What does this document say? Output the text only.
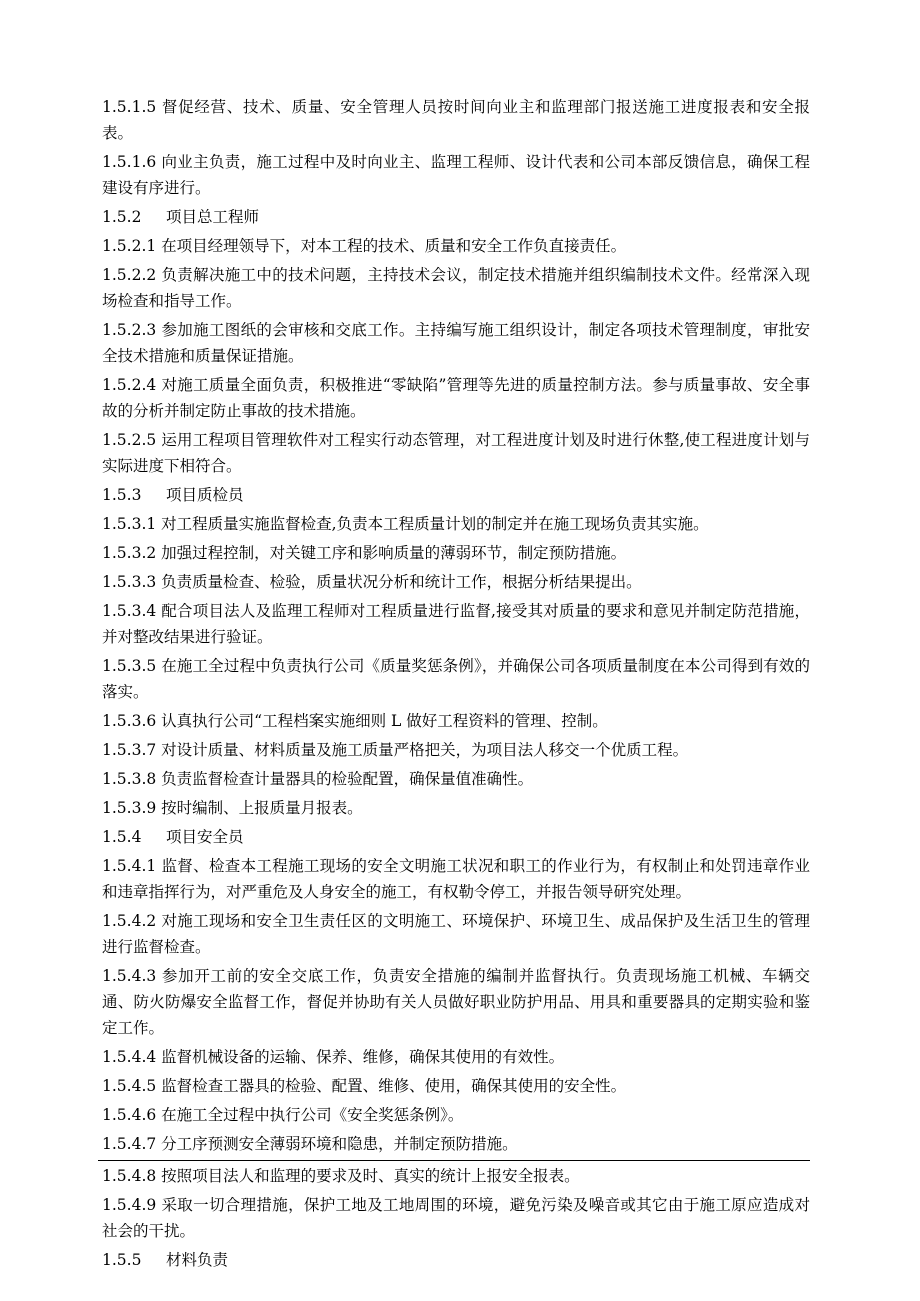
1.5.1.5 督促经营、技术、质量、安全管理人员按时间向业主和监理部门报送施工进度报表和安全报表。

1.5.1.6 向业主负责，施工过程中及时向业主、监理工程师、设计代表和公司本部反馈信息，确保工程建设有序进行。

1.5.2 项目总工程师

1.5.2.1 在项目经理领导下，对本工程的技术、质量和安全工作负直接责任。

1.5.2.2 负责解决施工中的技术问题，主持技术会议，制定技术措施并组织编制技术文件。经常深入现场检查和指导工作。

1.5.2.3 参加施工图纸的会审核和交底工作。主持编写施工组织设计，制定各项技术管理制度，审批安全技术措施和质量保证措施。

1.5.2.4 对施工质量全面负责，积极推进“零缺陷”管理等先进的质量控制方法。参与质量事故、安全事故的分析并制定防止事故的技术措施。

1.5.2.5 运用工程项目管理软件对工程实行动态管理，对工程进度计划及时进行休整,使工程进度计划与实际进度下相符合。

1.5.3 项目质检员

1.5.3.1 对工程质量实施监督检查,负责本工程质量计划的制定并在施工现场负责其实施。

1.5.3.2 加强过程控制，对关键工序和影响质量的薄弱环节，制定预防措施。

1.5.3.3 负责质量检查、检验，质量状况分析和统计工作，根据分析结果提出。

1.5.3.4 配合项目法人及监理工程师对工程质量进行监督,接受其对质量的要求和意见并制定防范措施，并对整改结果进行验证。

1.5.3.5 在施工全过程中负责执行公司《质量奖惩条例》，并确保公司各项质量制度在本公司得到有效的落实。

1.5.3.6 认真执行公司“工程档案实施细则 L 做好工程资料的管理、控制。

1.5.3.7 对设计质量、材料质量及施工质量严格把关，为项目法人移交一个优质工程。

1.5.3.8 负责监督检查计量器具的检验配置，确保量值准确性。

1.5.3.9 按时编制、上报质量月报表。

1.5.4 项目安全员

1.5.4.1 监督、检查本工程施工现场的安全文明施工状况和职工的作业行为，有权制止和处罚违章作业和违章指挥行为，对严重危及人身安全的施工，有权勒令停工，并报告领导研究处理。

1.5.4.2 对施工现场和安全卫生责任区的文明施工、环境保护、环境卫生、成品保护及生活卫生的管理进行监督检查。

1.5.4.3 参加开工前的安全交底工作，负责安全措施的编制并监督执行。负责现场施工机械、车辆交通、防火防爆安全监督工作，督促并协助有关人员做好职业防护用品、用具和重要器具的定期实验和鉴定工作。

1.5.4.4 监督机械设备的运输、保养、维修，确保其使用的有效性。

1.5.4.5 监督检查工器具的检验、配置、维修、使用，确保其使用的安全性。

1.5.4.6 在施工全过程中执行公司《安全奖惩条例》。

1.5.4.7 分工序预测安全薄弱环境和隐患，并制定预防措施。

1.5.4.8 按照项目法人和监理的要求及时、真实的统计上报安全报表。

1.5.4.9 采取一切合理措施，保护工地及工地周围的环境，避免污染及噪音或其它由于施工原应造成对社会的干扰。

1.5.5 材料负责
